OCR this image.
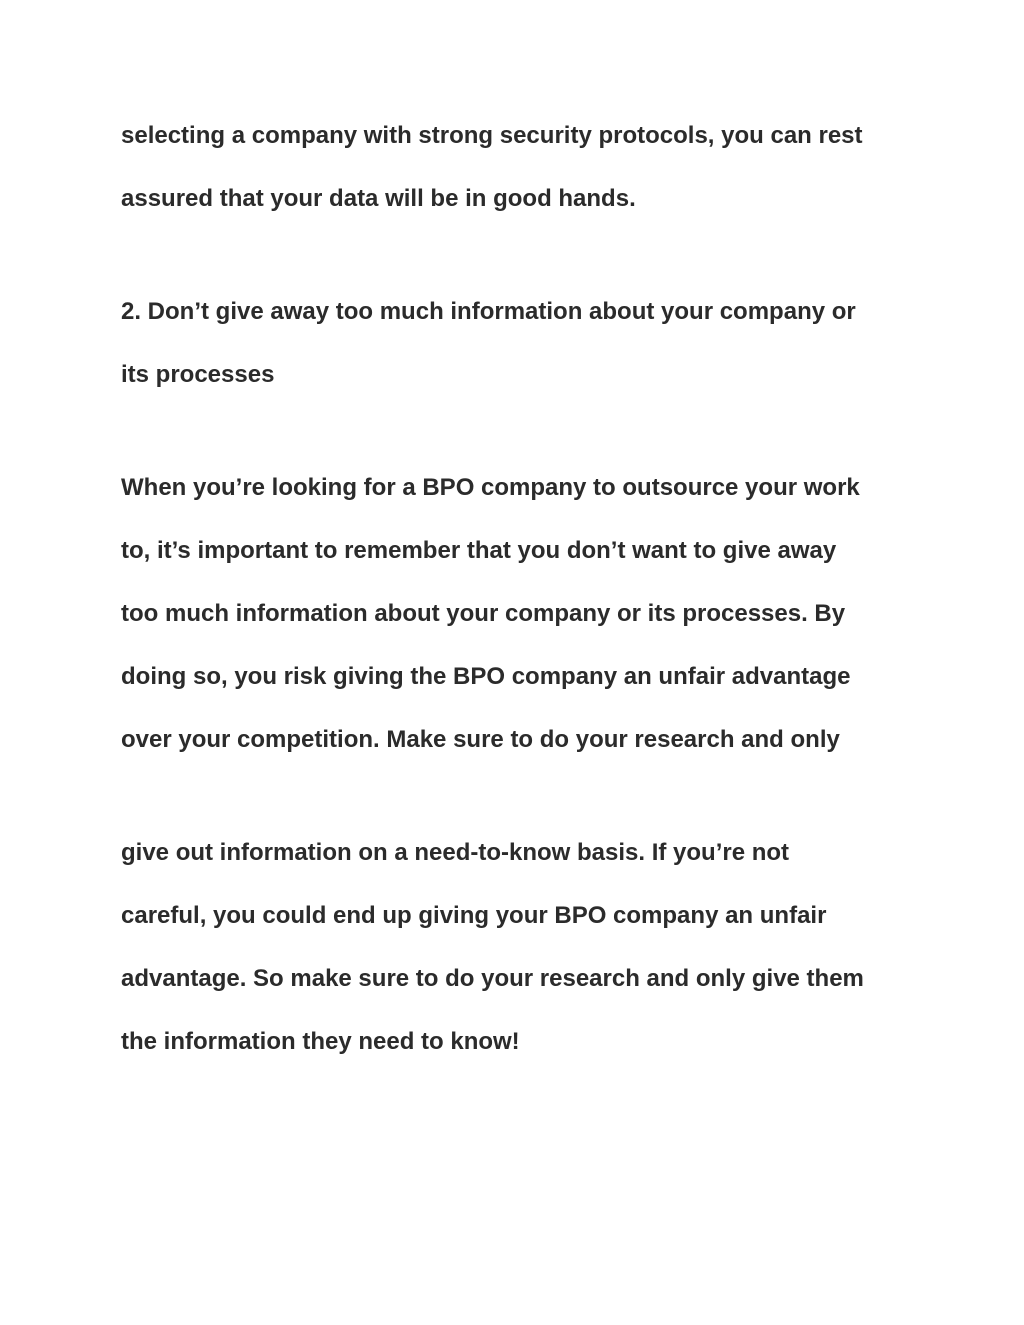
selecting a company with strong security protocols, you can rest

assured that your data will be in good hands.

2. Don’t give away too much information about your company or

its processes

When you’re looking for a BPO company to outsource your work

to, it’s important to remember that you don’t want to give away

too much information about your company or its processes. By

doing so, you risk giving the BPO company an unfair advantage

over your competition. Make sure to do your research and only

give out information on a need-to-know basis. If you’re not

careful, you could end up giving your BPO company an unfair

advantage. So make sure to do your research and only give them

the information they need to know!
